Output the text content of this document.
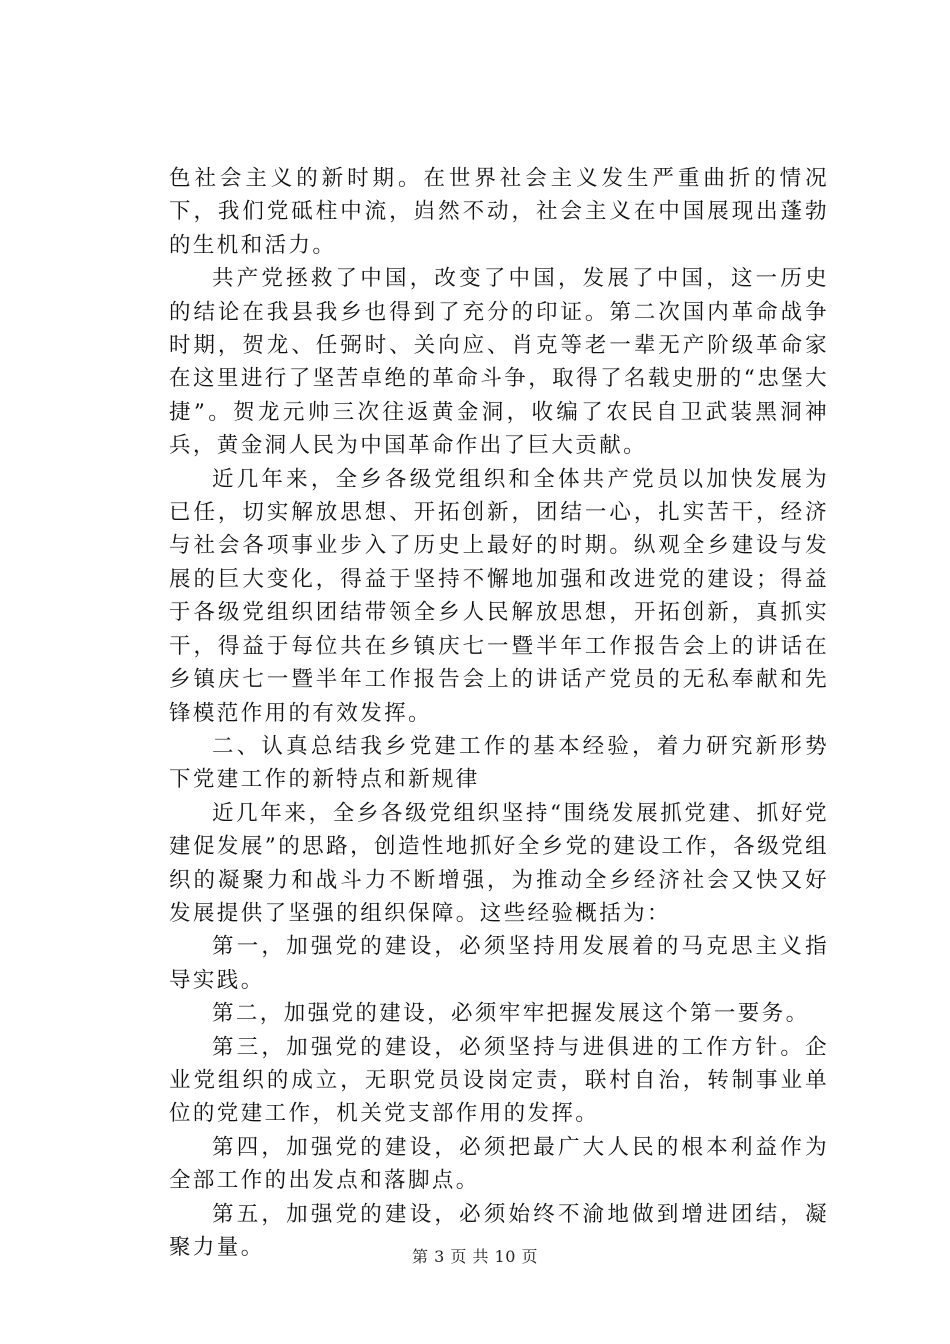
色社会主义的新时期。在世界社会主义发生严重曲折的情况下，我们党砥柱中流，岿然不动，社会主义在中国展现出蓬勃的生机和活力。

共产党拯救了中国，改变了中国，发展了中国，这一历史的结论在我县我乡也得到了充分的印证。第二次国内革命战争时期，贺龙、任弼时、关向应、肖克等老一辈无产阶级革命家在这里进行了坚苦卓绝的革命斗争，取得了名载史册的“忠堡大捷”。贺龙元帅三次往返黄金洞，收编了农民自卫武装黑洞神兵，黄金洞人民为中国革命作出了巨大贡献。

近几年来，全乡各级党组织和全体共产党员以加快发展为已任，切实解放思想、开拓创新，团结一心，扎实苦干，经济与社会各项事业步入了历史上最好的时期。纵观全乡建设与发展的巨大变化，得益于坚持不懈地加强和改进党的建设；得益于各级党组织团结带领全乡人民解放思想，开拓创新，真抓实干，得益于每位共在乡镇庆七一暨半年工作报告会上的讲话在乡镇庆七一暨半年工作报告会上的讲话产党员的无私奉献和先锋模范作用的有效发挥。

二、认真总结我乡党建工作的基本经验，着力研究新形势下党建工作的新特点和新规律

近几年来，全乡各级党组织坚持“围绕发展抓党建、抓好党建促发展”的思路，创造性地抓好全乡党的建设工作，各级党组织的凝聚力和战斗力不断增强，为推动全乡经济社会又快又好发展提供了坚强的组织保障。这些经验概括为：

第一，加强党的建设，必须坚持用发展着的马克思主义指导实践。

第二，加强党的建设，必须牢牢把握发展这个第一要务。

第三，加强党的建设，必须坚持与进俱进的工作方针。企业党组织的成立，无职党员设岗定责，联村自治，转制事业单位的党建工作，机关党支部作用的发挥。

第四，加强党的建设，必须把最广大人民的根本利益作为全部工作的出发点和落脚点。

第五，加强党的建设，必须始终不渝地做到增进团结，凝聚力量。	第 3 页 共 10 页
